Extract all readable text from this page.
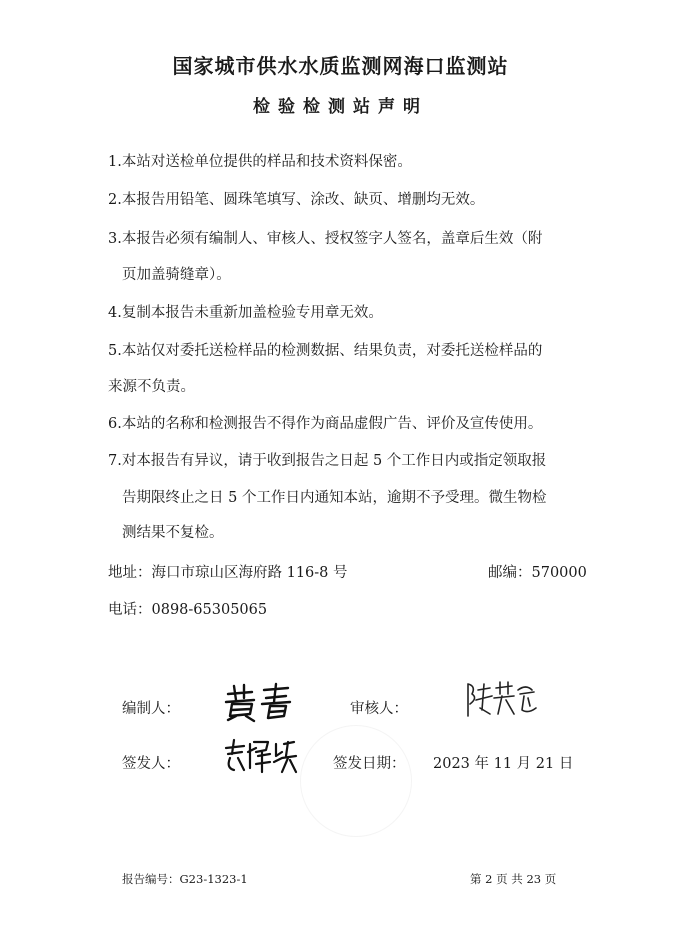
国家城市供水水质监测网海口监测站
检验检测站声明
1.本站对送检单位提供的样品和技术资料保密。
2.本报告用铅笔、圆珠笔填写、涂改、缺页、增删均无效。
3.本报告必须有编制人、审核人、授权签字人签名，盖章后生效（附
页加盖骑缝章）。
4.复制本报告未重新加盖检验专用章无效。
5.本站仅对委托送检样品的检测数据、结果负责，对委托送检样品的
来源不负责。
6.本站的名称和检测报告不得作为商品虚假广告、评价及宣传使用。
7.对本报告有异议，请于收到报告之日起 5 个工作日内或指定领取报
告期限终止之日 5 个工作日内通知本站，逾期不予受理。微生物检
测结果不复检。
地址：海口市琼山区海府路 116-8 号	邮编：570000
电话：0898-65305065
编制人：	审核人：
签发人：	签发日期： 2023 年 11 月 21 日
报告编号：G23-1323-1	第 2 页 共 23 页
